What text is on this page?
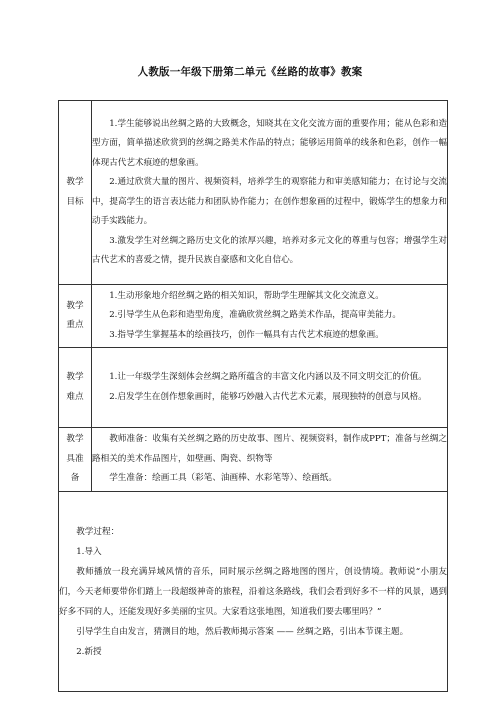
人教版一年级下册第二单元《丝路的故事》教案
教学
目标	1.学生能够说出丝绸之路的大致概念，知晓其在文化交流方面的重要作用；能从色彩和造型方面，简单描述欣赏到的丝绸之路美术作品的特点；能够运用简单的线条和色彩，创作一幅体现古代艺术痕迹的想象画。
2.通过欣赏大量的图片、视频资料，培养学生的观察能力和审美感知能力；在讨论与交流中，提高学生的语言表达能力和团队协作能力；在创作想象画的过程中，锻炼学生的想象力和动手实践能力。
3.激发学生对丝绸之路历史文化的浓厚兴趣，培养对多元文化的尊重与包容；增强学生对古代艺术的喜爱之情，提升民族自豪感和文化自信心。

教学
重点	1.生动形象地介绍丝绸之路的相关知识，帮助学生理解其文化交流意义。
2.引导学生从色彩和造型角度，准确欣赏丝绸之路美术作品，提高审美能力。
3.指导学生掌握基本的绘画技巧，创作一幅具有古代艺术痕迹的想象画。

教学
难点	1.让一年级学生深刻体会丝绸之路所蕴含的丰富文化内涵以及不同文明交汇的价值。
2.启发学生在创作想象画时，能够巧妙融入古代艺术元素，展现独特的创意与风格。

教学
具准
备	教师准备：收集有关丝绸之路的历史故事、图片、视频资料，制作成PPT；准备与丝绸之路相关的美术作品图片，如壁画、陶瓷、织物等
学生准备：绘画工具（彩笔、油画棒、水彩笔等）、绘画纸。

教学过程：
1.导入
教师播放一段充满异域风情的音乐，同时展示丝绸之路地图的图片，创设情境。教师说“小朋友们，今天老师要带你们踏上一段超级神奇的旅程，沿着这条路线，我们会看到好多不一样的风景，遇到好多不同的人，还能发现好多美丽的宝贝。大家看这张地图，知道我们要去哪里吗？”
引导学生自由发言，猜测目的地，然后教师揭示答案 —— 丝绸之路，引出本节课主题。
2.新授	
